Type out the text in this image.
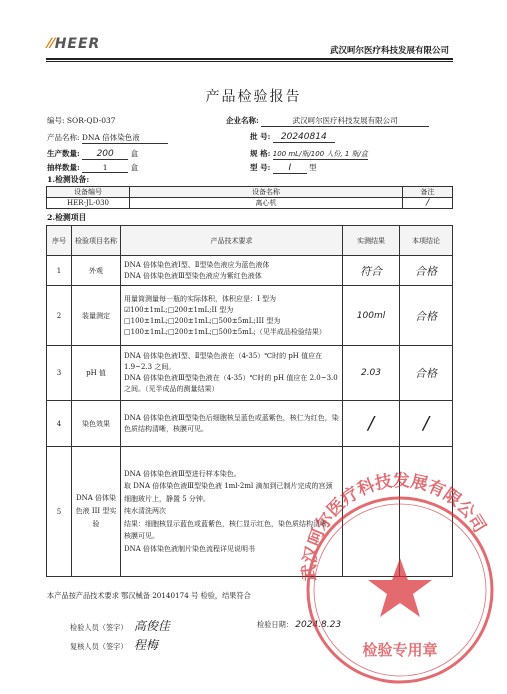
⁄⁄HEER	武汉呵尔医疗科技发展有限公司
产品检验报告
编号: SOR-QD-037	企业名称:	武汉呵尔医疗科技发展有限公司
产品名称: DNA 倍体染色液	批 号: 20240814
生产数量: 200 盒	规 格: 100 mL/瓶/100 人份, 1 瓶/盒
抽样数量:	1	盒	型 号: I 型
1.检测设备:
设备编号	设备名称	备注
HER-JL-030	离心机	/
2.检测项目
序号	检验项目名称	产品技术要求	实测结果	本项结论
1	外观	DNA 倍体染色液Ⅰ型、Ⅱ型染色液应为蓝色液体
DNA 倍体染色液Ⅲ型染色液应为紫红色液体	符合	合格
2	装量测定	用量筒测量每一瓶的实际体积，体积应是：I 型为☑100±1mL;□200±1mL;II 型为□100±1mL;□200±1mL;□500±5mL;III 型为□100±1mL;□200±1mL;□500±5mL;（见半成品检验结果）	100ml	合格
3	pH 值	DNA 倍体染色液Ⅰ型、Ⅱ型染色液在（4-35）℃时的 pH 值应在 1.9~2.3 之间。
DNA 倍体染色液Ⅲ型染色液在（4-35）℃时的 pH 值应在 2.0~3.0 之间。（见半成品的测量结果）	2.03	合格
4	染色效果	DNA 倍体染色液Ⅲ型染色后细胞核呈蓝色或蓝紫色，核仁为红色，染色质结构清晰，核膜可见。	/	/
5	DNA 倍体染色液 III 型实验	DNA 倍体染色液Ⅲ型进行样本染色。
取 DNA 倍体染色液Ⅲ型染色液 1ml-2ml 滴加到已制片完成的宫颈细胞玻片上，静置 5 分钟。
纯水清洗两次
结果：细胞核显示蓝色或蓝紫色，核仁显示红色，染色质结构清晰，核膜可见。
DNA 倍体染色液制片染色流程详见说明书		
本产品按产品技术要求 鄂汉械备 20140174 号 检验，结果符合
检验人员（签字） 高俊佳
复核人员（签字） 程梅
检验日期： 2024.8.23
武汉呵尔医疗科技发展有限公司
检验专用章
